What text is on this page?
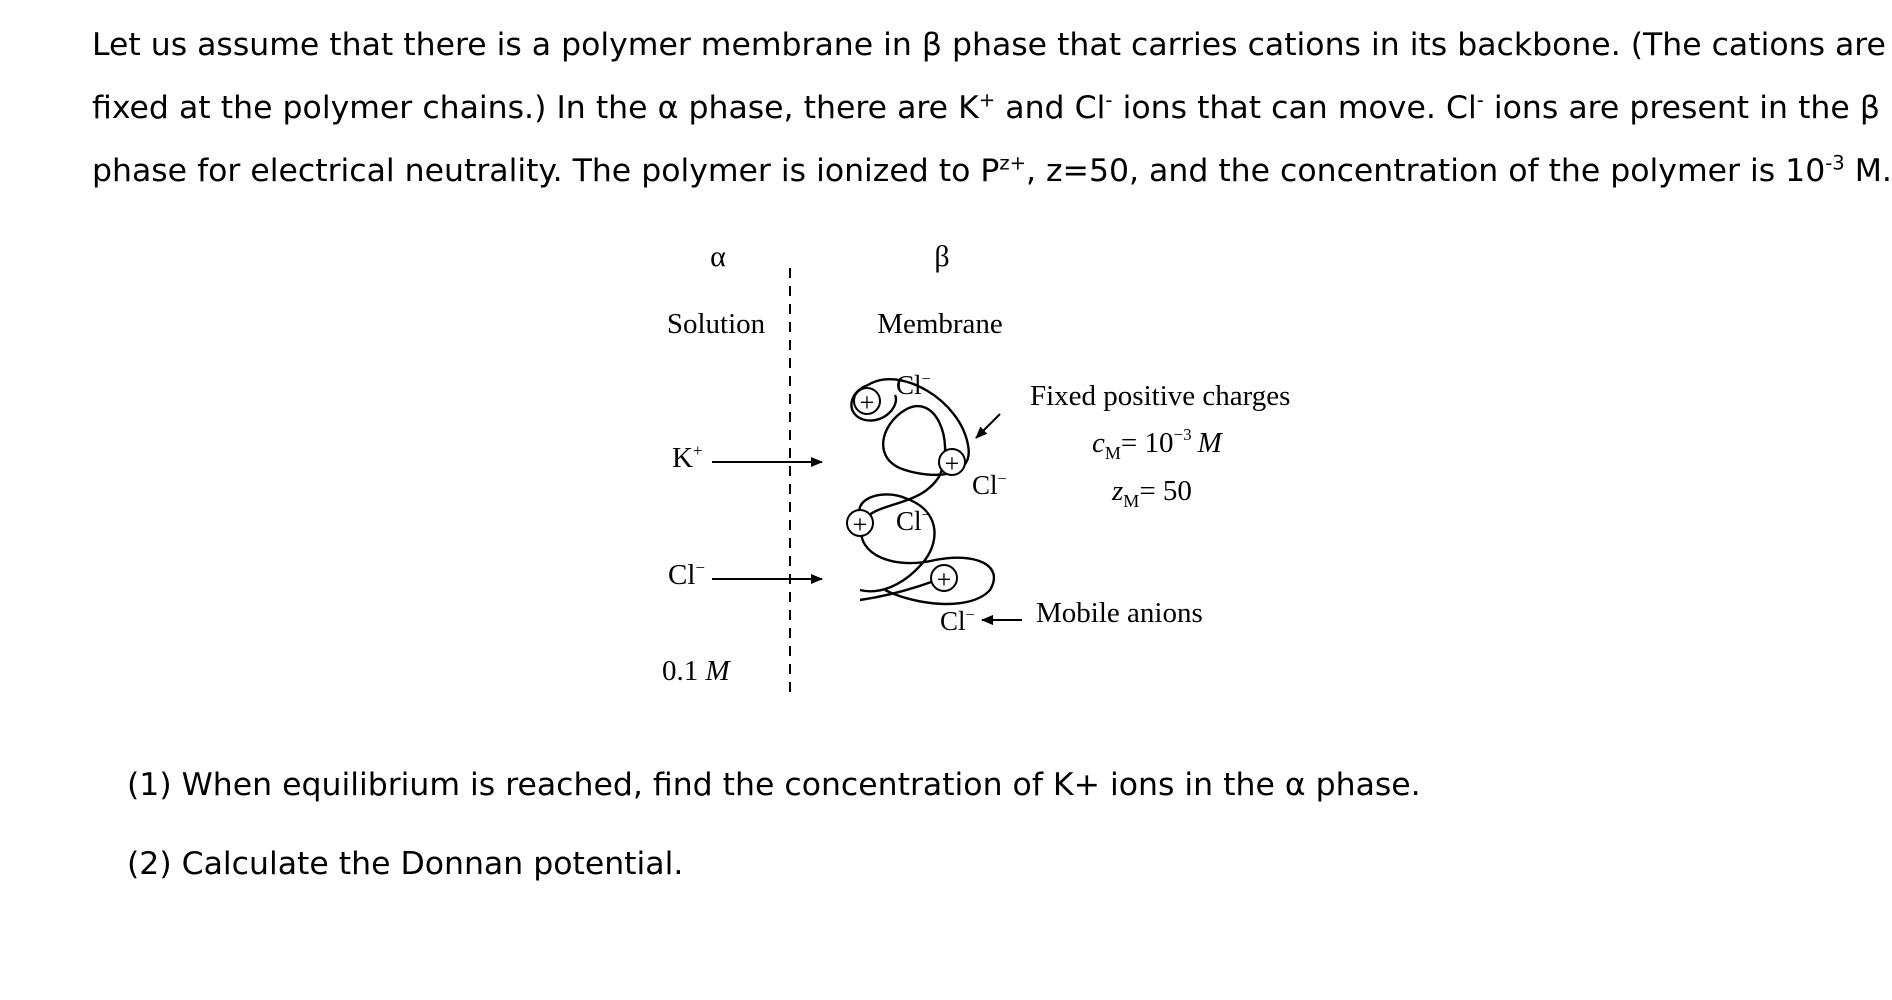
Let us assume that there is a polymer membrane in β phase that carries cations in its backbone. (The cations are
fixed at the polymer chains.) In the α phase, there are K+ and Cl- ions that can move. Cl- ions are present in the β
phase for electrical neutrality. The polymer is ionized to $P^{z+}$, z=50, and the concentration of the polymer is $10^{-3}$ M.

α	β
Solution	Membrane
K+
Cl−
0.1 M
+
+
+
+
Cl−
Cl−
Cl−
Cl−
Fixed positive charges
$c_M= 10^{-3}$ M
$z_M= 50$
Mobile anions

(1) When equilibrium is reached, find the concentration of K+ ions in the α phase.

(2) Calculate the Donnan potential.
